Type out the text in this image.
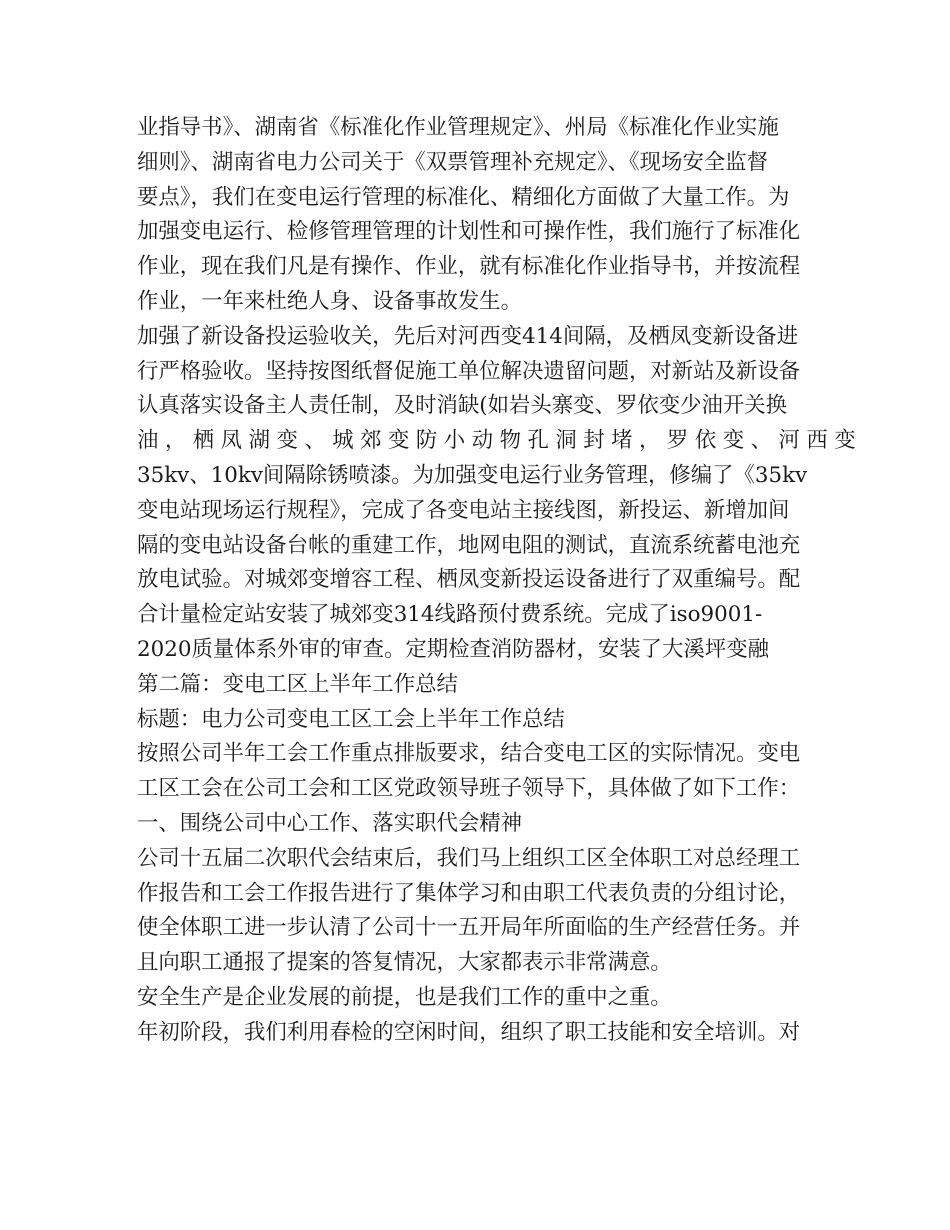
业指导书》、湖南省《标准化作业管理规定》、州局《标准化作业实施
细则》、湖南省电力公司关于《双票管理补充规定》、《现场安全监督
要点》，我们在变电运行管理的标准化、精细化方面做了大量工作。为
加强变电运行、检修管理管理的计划性和可操作性，我们施行了标准化
作业，现在我们凡是有操作、作业，就有标准化作业指导书，并按流程
作业，一年来杜绝人身、设备事故发生。
加强了新设备投运验收关，先后对河西变414间隔，及栖凤变新设备进
行严格验收。坚持按图纸督促施工单位解决遗留问题，对新站及新设备
认真落实设备主人责任制，及时消缺(如岩头寨变、罗依变少油开关换
油，栖凤湖变、城郊变防小动物孔洞封堵，罗依变、河西变
35kv、10kv间隔除锈喷漆。为加强变电运行业务管理，修编了《35kv
变电站现场运行规程》，完成了各变电站主接线图，新投运、新增加间
隔的变电站设备台帐的重建工作，地网电阻的测试，直流系统蓄电池充
放电试验。对城郊变增容工程、栖凤变新投运设备进行了双重编号。配
合计量检定站安装了城郊变314线路预付费系统。完成了iso9001-
2020质量体系外审的审查。定期检查消防器材，安装了大溪坪变融
第二篇：变电工区上半年工作总结
标题：电力公司变电工区工会上半年工作总结
按照公司半年工会工作重点排版要求，结合变电工区的实际情况。变电
工区工会在公司工会和工区党政领导班子领导下，具体做了如下工作：
一、围绕公司中心工作、落实职代会精神
公司十五届二次职代会结束后，我们马上组织工区全体职工对总经理工
作报告和工会工作报告进行了集体学习和由职工代表负责的分组讨论，
使全体职工进一步认清了公司十一五开局年所面临的生产经营任务。并
且向职工通报了提案的答复情况，大家都表示非常满意。
安全生产是企业发展的前提，也是我们工作的重中之重。
年初阶段，我们利用春检的空闲时间，组织了职工技能和安全培训。对
